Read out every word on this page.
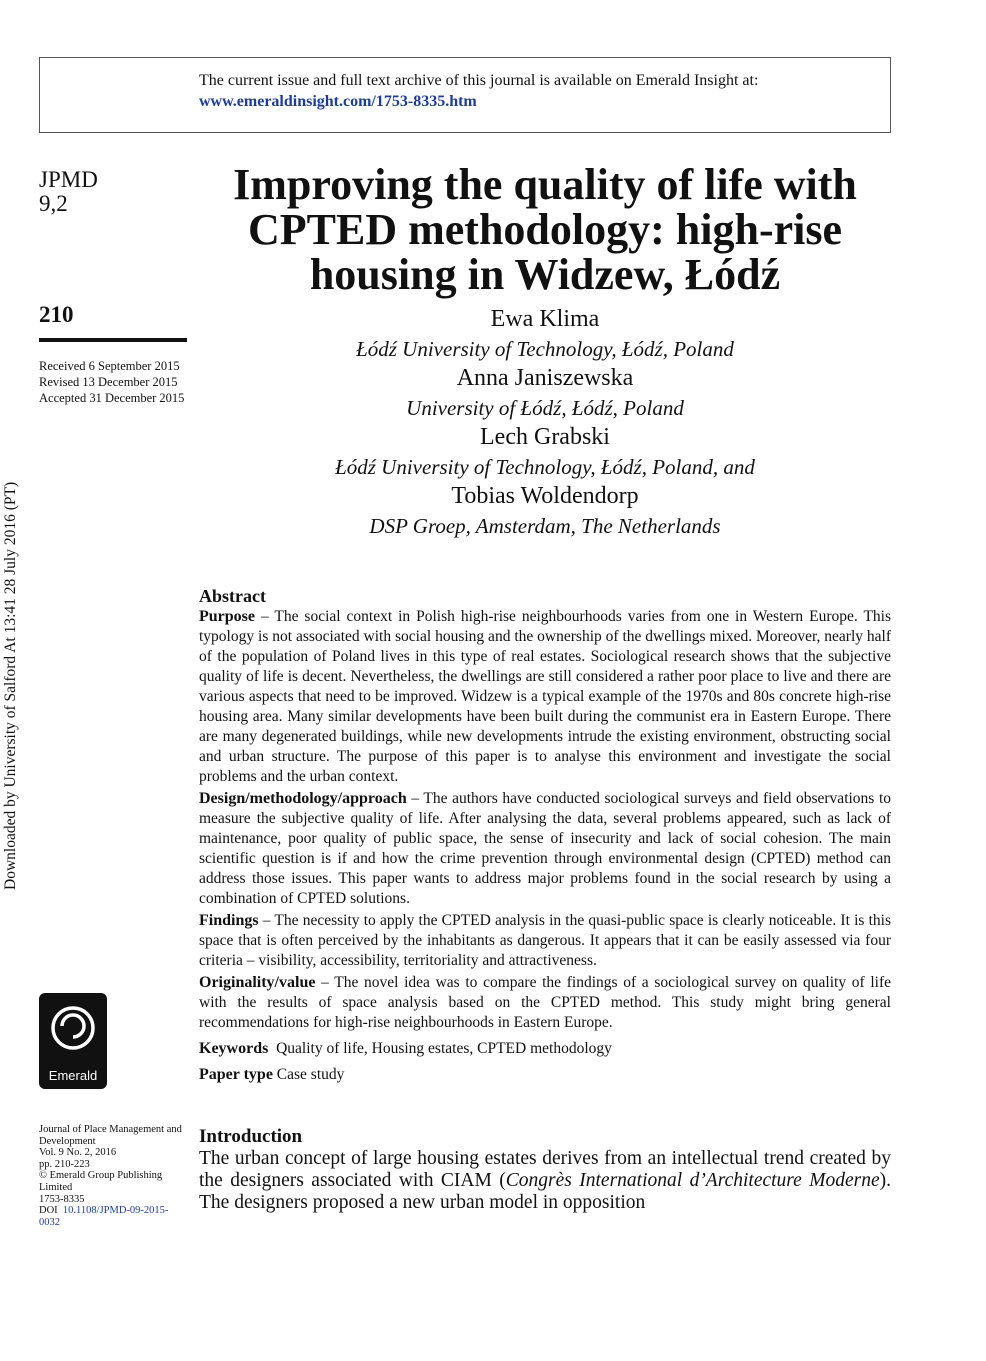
The current issue and full text archive of this journal is available on Emerald Insight at:
www.emeraldinsight.com/1753-8335.htm
JPMD
9,2
210
Received 6 September 2015
Revised 13 December 2015
Accepted 31 December 2015
Downloaded by University of Salford At 13:41 28 July 2016 (PT)
Emerald
Journal of Place Management and
Development
Vol. 9 No. 2, 2016
pp. 210-223
© Emerald Group Publishing Limited
1753-8335
DOI 10.1108/JPMD-09-2015-0032
Improving the quality of life with CPTED methodology: high-rise housing in Widzew, Łódź
Ewa Klima
Łódź University of Technology, Łódź, Poland
Anna Janiszewska
University of Łódź, Łódź, Poland
Lech Grabski
Łódź University of Technology, Łódź, Poland, and
Tobias Woldendorp
DSP Groep, Amsterdam, The Netherlands
Abstract

Purpose – The social context in Polish high-rise neighbourhoods varies from one in Western Europe. This typology is not associated with social housing and the ownership of the dwellings mixed. Moreover, nearly half of the population of Poland lives in this type of real estates. Sociological research shows that the subjective quality of life is decent. Nevertheless, the dwellings are still considered a rather poor place to live and there are various aspects that need to be improved. Widzew is a typical example of the 1970s and 80s concrete high-rise housing area. Many similar developments have been built during the communist era in Eastern Europe. There are many degenerated buildings, while new developments intrude the existing environment, obstructing social and urban structure. The purpose of this paper is to analyse this environment and investigate the social problems and the urban context.

Design/methodology/approach – The authors have conducted sociological surveys and field observations to measure the subjective quality of life. After analysing the data, several problems appeared, such as lack of maintenance, poor quality of public space, the sense of insecurity and lack of social cohesion. The main scientific question is if and how the crime prevention through environmental design (CPTED) method can address those issues. This paper wants to address major problems found in the social research by using a combination of CPTED solutions.

Findings – The necessity to apply the CPTED analysis in the quasi-public space is clearly noticeable. It is this space that is often perceived by the inhabitants as dangerous. It appears that it can be easily assessed via four criteria – visibility, accessibility, territoriality and attractiveness.

Originality/value – The novel idea was to compare the findings of a sociological survey on quality of life with the results of space analysis based on the CPTED method. This study might bring general recommendations for high-rise neighbourhoods in Eastern Europe.

Keywords Quality of life, Housing estates, CPTED methodology

Paper type Case study

Introduction

The urban concept of large housing estates derives from an intellectual trend created by the designers associated with CIAM (Congrès International d’Architecture Moderne). The designers proposed a new urban model in opposition
